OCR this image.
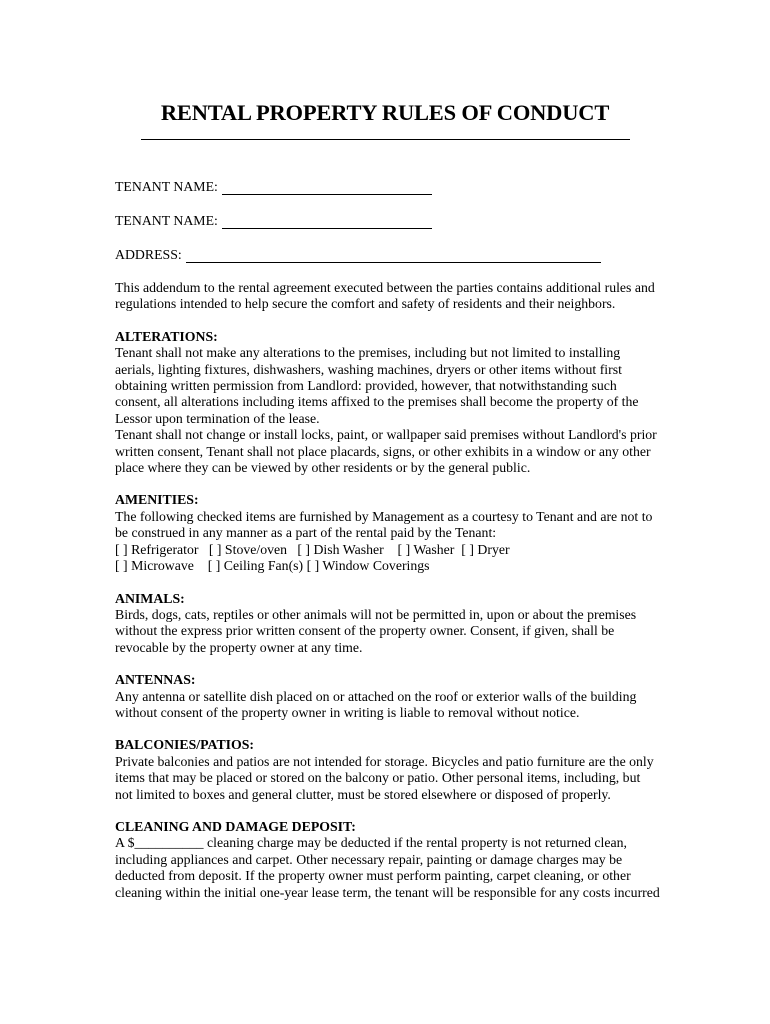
RENTAL PROPERTY RULES OF CONDUCT
TENANT NAME:
TENANT NAME:
ADDRESS:

This addendum to the rental agreement executed between the parties contains additional rules and regulations intended to help secure the comfort and safety of residents and their neighbors.

ALTERATIONS:

Tenant shall not make any alterations to the premises, including but not limited to installing aerials, lighting fixtures, dishwashers, washing machines, dryers or other items without first obtaining written permission from Landlord: provided, however, that notwithstanding such consent, all alterations including items affixed to the premises shall become the property of the Lessor upon termination of the lease.

Tenant shall not change or install locks, paint, or wallpaper said premises without Landlord's prior written consent, Tenant shall not place placards, signs, or other exhibits in a window or any other place where they can be viewed by other residents or by the general public.

AMENITIES:

The following checked items are furnished by Management as a courtesy to Tenant and are not to be construed in any manner as a part of the rental paid by the Tenant:

[ ] Refrigerator   [ ] Stove/oven   [ ] Dish Washer    [ ] Washer  [ ] Dryer
[ ] Microwave    [ ] Ceiling Fan(s) [ ] Window Coverings
ANIMALS:

Birds, dogs, cats, reptiles or other animals will not be permitted in, upon or about the premises without the express prior written consent of the property owner. Consent, if given, shall be revocable by the property owner at any time.

ANTENNAS:

Any antenna or satellite dish placed on or attached on the roof or exterior walls of the building without consent of the property owner in writing is liable to removal without notice.

BALCONIES/PATIOS:

Private balconies and patios are not intended for storage. Bicycles and patio furniture are the only items that may be placed or stored on the balcony or patio. Other personal items, including, but not limited to boxes and general clutter, must be stored elsewhere or disposed of properly.

CLEANING AND DAMAGE DEPOSIT:

A $__________ cleaning charge may be deducted if the rental property is not returned clean, including appliances and carpet. Other necessary repair, painting or damage charges may be deducted from deposit. If the property owner must perform painting, carpet cleaning, or other cleaning within the initial one-year lease term, the tenant will be responsible for any costs incurred
